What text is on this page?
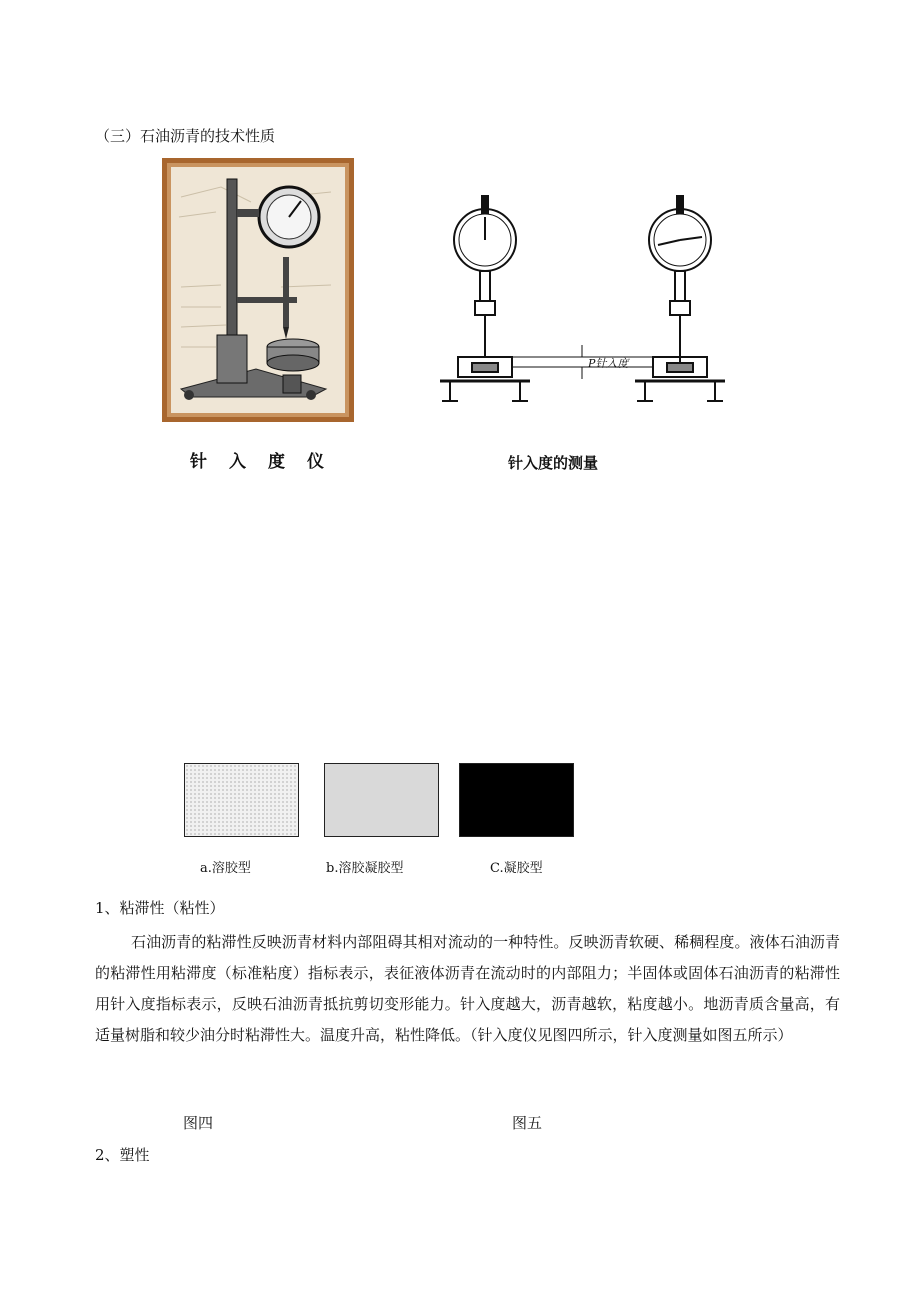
（三）石油沥青的技术性质
针入度仪
P针入度
针入度的测量
a.溶胶型	b.溶胶凝胶型	C.凝胶型
1、粘滞性（粘性）
石油沥青的粘滞性反映沥青材料内部阻碍其相对流动的一种特性。反映沥青软硬、稀稠程度。液体石油沥青的粘滞性用粘滞度（标准粘度）指标表示，表征液体沥青在流动时的内部阻力；半固体或固体石油沥青的粘滞性用针入度指标表示，反映石油沥青抵抗剪切变形能力。针入度越大，沥青越软，粘度越小。地沥青质含量高，有适量树脂和较少油分时粘滞性大。温度升高，粘性降低。（针入度仪见图四所示，针入度测量如图五所示）
图四	图五
2、塑性
